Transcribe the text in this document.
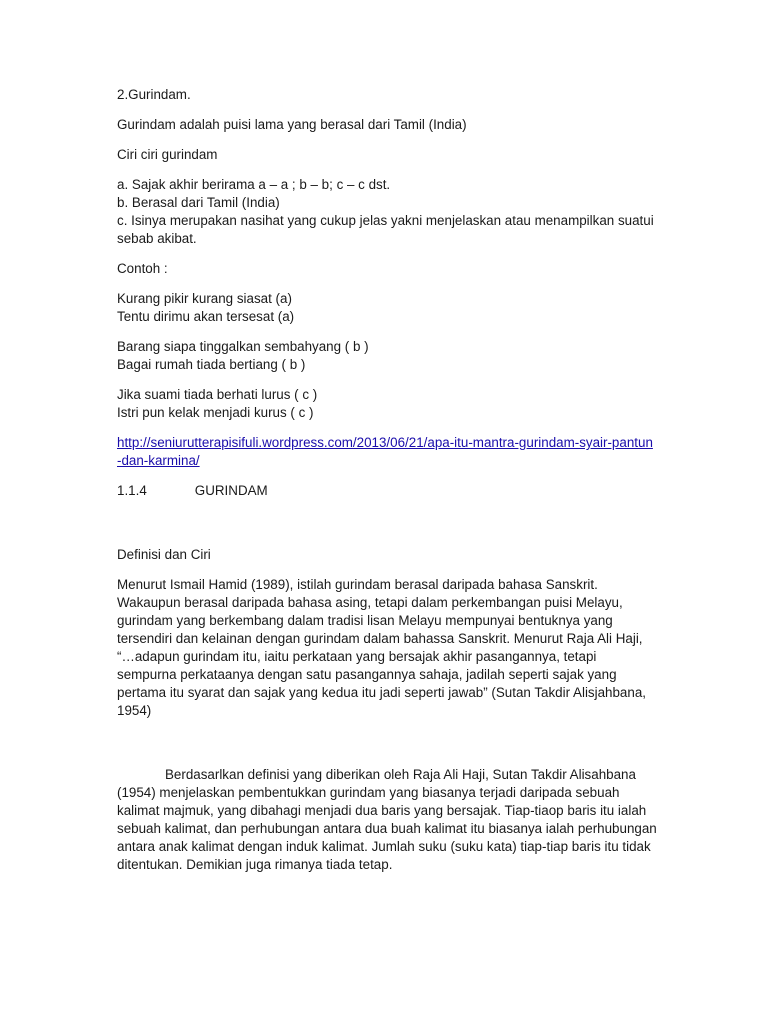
2.Gurindam.

Gurindam adalah puisi lama yang berasal dari Tamil (India)

Ciri ciri gurindam

a. Sajak akhir berirama a – a ; b – b; c – c dst.

b. Berasal dari Tamil (India)

c. Isinya merupakan nasihat yang cukup jelas yakni menjelaskan atau menampilkan suatui sebab akibat.

Contoh :

Kurang pikir kurang siasat (a)

Tentu dirimu akan tersesat (a)

Barang siapa tinggalkan sembahyang ( b )

Bagai rumah tiada bertiang ( b )

Jika suami tiada berhati lurus ( c )

Istri pun kelak menjadi kurus ( c )

http://seniurutterapisifuli.wordpress.com/2013/06/21/apa-itu-mantra-gurindam-syair-pantun-dan-karmina/

1.1.4	GURINDAM

Definisi dan Ciri

Menurut Ismail Hamid (1989), istilah gurindam berasal daripada bahasa Sanskrit. Wakaupun berasal daripada bahasa asing, tetapi dalam perkembangan puisi Melayu, gurindam yang berkembang dalam tradisi lisan Melayu mempunyai bentuknya yang tersendiri dan kelainan dengan gurindam dalam bahassa Sanskrit. Menurut Raja Ali Haji, “…adapun gurindam itu, iaitu perkataan yang bersajak akhir pasangannya, tetapi sempurna perkataanya dengan satu pasangannya sahaja, jadilah seperti sajak yang pertama itu syarat dan sajak yang kedua itu jadi seperti jawab” (Sutan Takdir Alisjahbana, 1954)

Berdasarlkan definisi yang diberikan oleh Raja Ali Haji, Sutan Takdir Alisahbana (1954) menjelaskan pembentukkan gurindam yang biasanya terjadi daripada sebuah kalimat majmuk, yang dibahagi menjadi dua baris yang bersajak. Tiap-tiaop baris itu ialah sebuah kalimat, dan perhubungan antara dua buah kalimat itu biasanya ialah perhubungan antara anak kalimat dengan induk kalimat. Jumlah suku (suku kata) tiap-tiap baris itu tidak ditentukan. Demikian juga rimanya tiada tetap.
